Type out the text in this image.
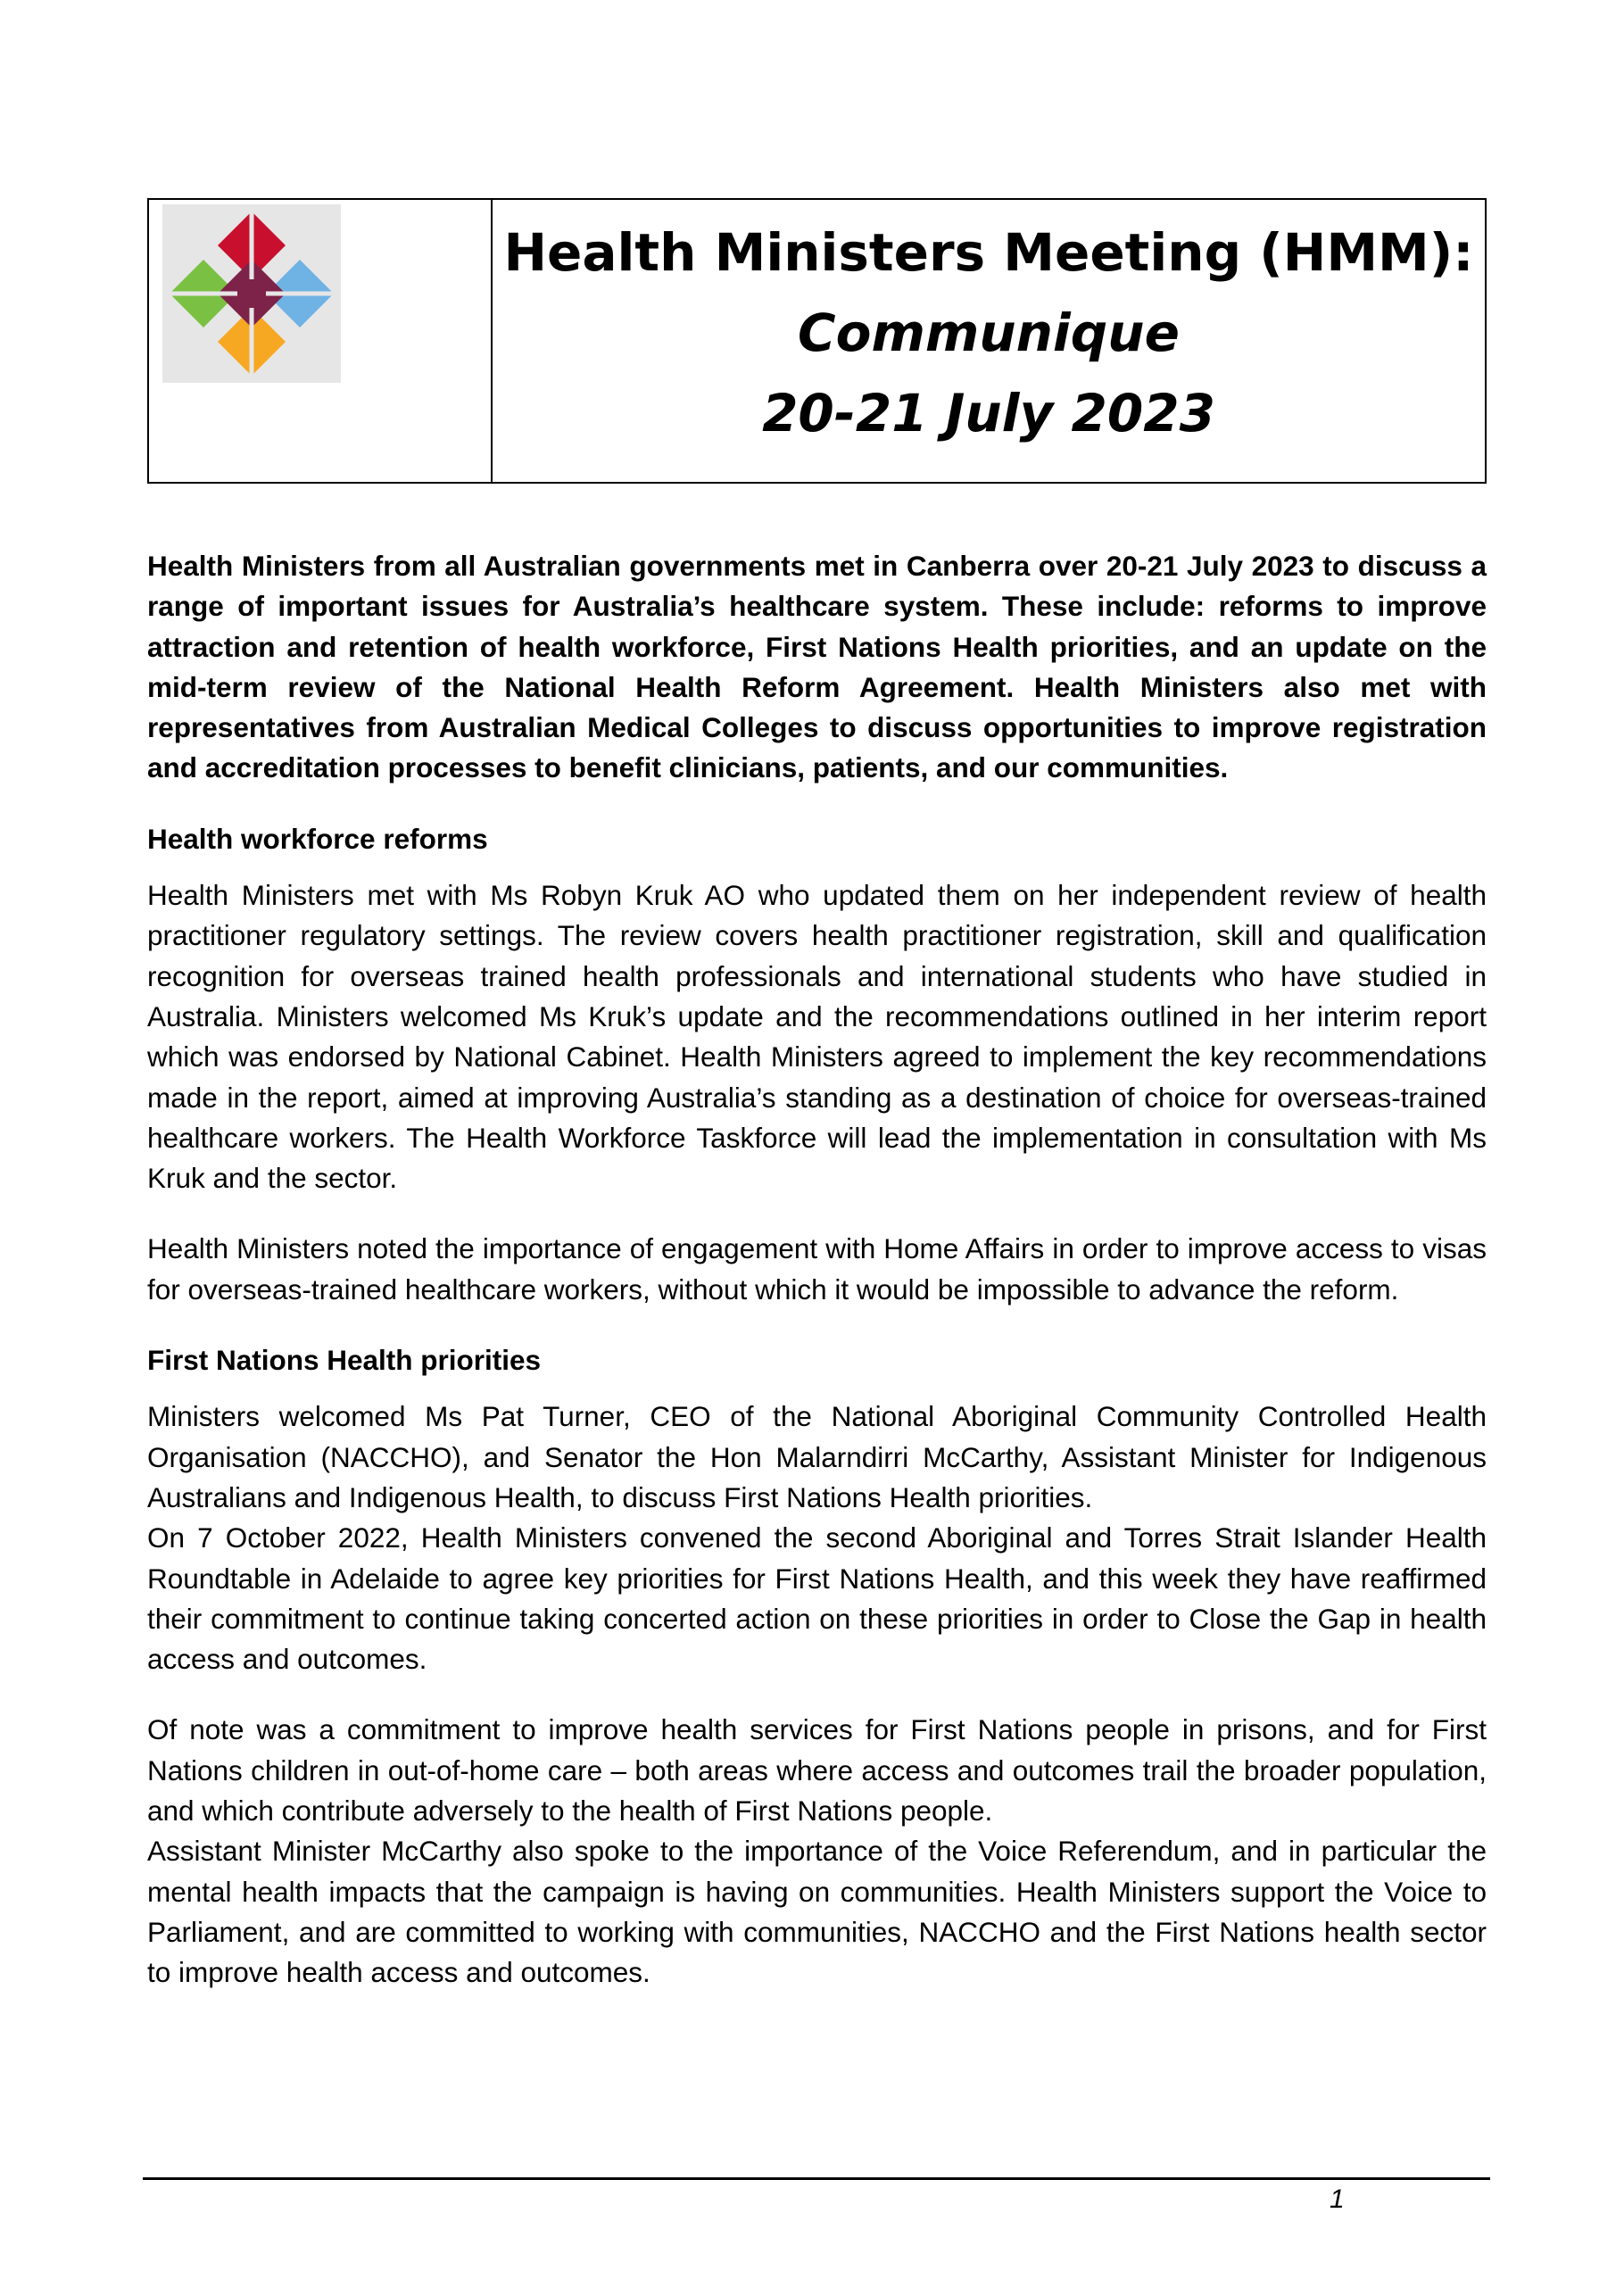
Health Ministers Meeting (HMM):
Communique
20-21 July 2023

Health Ministers from all Australian governments met in Canberra over 20-21 July 2023 to discuss a range of important issues for Australia’s healthcare system. These include: reforms to improve attraction and retention of health workforce, First Nations Health priorities, and an update on the mid-term review of the National Health Reform Agreement. Health Ministers also met with representatives from Australian Medical Colleges to discuss opportunities to improve registration and accreditation processes to benefit clinicians, patients, and our communities.

Health workforce reforms

Health Ministers met with Ms Robyn Kruk AO who updated them on her independent review of health practitioner regulatory settings. The review covers health practitioner registration, skill and qualification recognition for overseas trained health professionals and international students who have studied in Australia. Ministers welcomed Ms Kruk’s update and the recommendations outlined in her interim report which was endorsed by National Cabinet. Health Ministers agreed to implement the key recommendations made in the report, aimed at improving Australia’s standing as a destination of choice for overseas-trained healthcare workers. The Health Workforce Taskforce will lead the implementation in consultation with Ms Kruk and the sector.

Health Ministers noted the importance of engagement with Home Affairs in order to improve access to visas for overseas-trained healthcare workers, without which it would be impossible to advance the reform.

First Nations Health priorities

Ministers welcomed Ms Pat Turner, CEO of the National Aboriginal Community Controlled Health Organisation (NACCHO), and Senator the Hon Malarndirri McCarthy, Assistant Minister for Indigenous Australians and Indigenous Health, to discuss First Nations Health priorities.

On 7 October 2022, Health Ministers convened the second Aboriginal and Torres Strait Islander Health Roundtable in Adelaide to agree key priorities for First Nations Health, and this week they have reaffirmed their commitment to continue taking concerted action on these priorities in order to Close the Gap in health access and outcomes.

Of note was a commitment to improve health services for First Nations people in prisons, and for First Nations children in out-of-home care – both areas where access and outcomes trail the broader population, and which contribute adversely to the health of First Nations people.

Assistant Minister McCarthy also spoke to the importance of the Voice Referendum, and in particular the mental health impacts that the campaign is having on communities. Health Ministers support the Voice to Parliament, and are committed to working with communities, NACCHO and the First Nations health sector to improve health access and outcomes.

1
